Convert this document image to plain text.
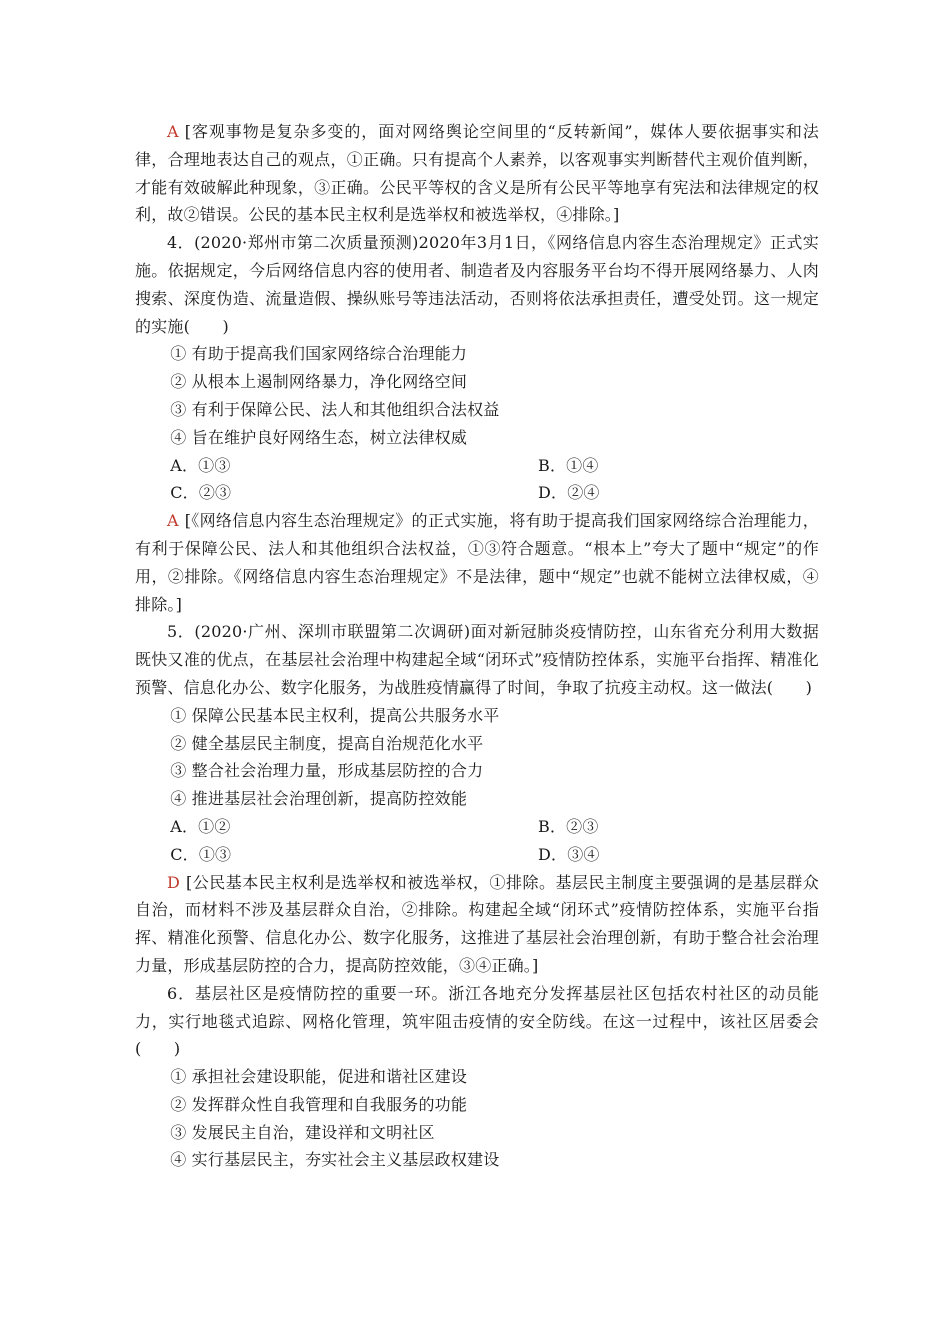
A [客观事物是复杂多变的，面对网络舆论空间里的“反转新闻”，媒体人要依据事实和法律，合理地表达自己的观点，①正确。只有提高个人素养，以客观事实判断替代主观价值判断，才能有效破解此种现象，③正确。公民平等权的含义是所有公民平等地享有宪法和法律规定的权利，故②错误。公民的基本民主权利是选举权和被选举权，④排除。]

4．(2020·郑州市第二次质量预测)2020年3月1日，《网络信息内容生态治理规定》正式实施。依据规定，今后网络信息内容的使用者、制造者及内容服务平台均不得开展网络暴力、人肉搜索、深度伪造、流量造假、操纵账号等违法活动，否则将依法承担责任，遭受处罚。这一规定的实施(　　)

① 有助于提高我们国家网络综合治理能力

② 从根本上遏制网络暴力，净化网络空间

③ 有利于保障公民、法人和其他组织合法权益

④ 旨在维护良好网络生态，树立法律权威

A．①③	B．①④
C．②③	D．②④

A [《网络信息内容生态治理规定》的正式实施，将有助于提高我们国家网络综合治理能力，有利于保障公民、法人和其他组织合法权益，①③符合题意。“根本上”夸大了题中“规定”的作用，②排除。《网络信息内容生态治理规定》不是法律，题中“规定”也就不能树立法律权威，④排除。]

5．(2020·广州、深圳市联盟第二次调研)面对新冠肺炎疫情防控，山东省充分利用大数据既快又准的优点，在基层社会治理中构建起全域“闭环式”疫情防控体系，实施平台指挥、精准化预警、信息化办公、数字化服务，为战胜疫情赢得了时间，争取了抗疫主动权。这一做法(　　)

① 保障公民基本民主权利，提高公共服务水平

② 健全基层民主制度，提高自治规范化水平

③ 整合社会治理力量，形成基层防控的合力

④ 推进基层社会治理创新，提高防控效能

A．①②	B．②③
C．①③	D．③④

D [公民基本民主权利是选举权和被选举权，①排除。基层民主制度主要强调的是基层群众自治，而材料不涉及基层群众自治，②排除。构建起全域“闭环式”疫情防控体系，实施平台指挥、精准化预警、信息化办公、数字化服务，这推进了基层社会治理创新，有助于整合社会治理力量，形成基层防控的合力，提高防控效能，③④正确。]

6．基层社区是疫情防控的重要一环。浙江各地充分发挥基层社区包括农村社区的动员能力，实行地毯式追踪、网格化管理，筑牢阻击疫情的安全防线。在这一过程中，该社区居委会(　　)

① 承担社会建设职能，促进和谐社区建设

② 发挥群众性自我管理和自我服务的功能

③ 发展民主自治，建设祥和文明社区

④ 实行基层民主，夯实社会主义基层政权建设
